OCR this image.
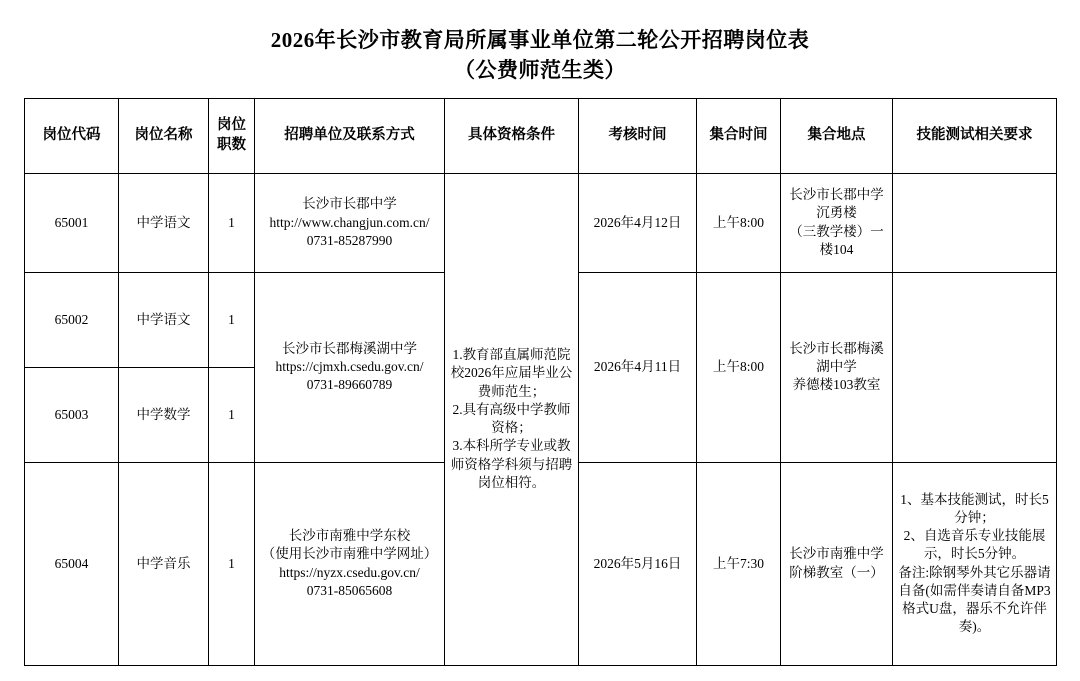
2026年长沙市教育局所属事业单位第二轮公开招聘岗位表
（公费师范生类）
岗位代码	岗位名称	岗位职数	招聘单位及联系方式	具体资格条件	考核时间	集合时间	集合地点	技能测试相关要求
65001	中学语文	1	长沙市长郡中学
http://www.changjun.com.cn/
0731-85287990	1.教育部直属师范院校2026年应届毕业公费师范生；
2.具有高级中学教师资格；
3.本科所学专业或教师资格学科须与招聘岗位相符。	2026年4月12日	上午8:00	长沙市长郡中学
沉勇楼
（三教学楼）一
楼104	

65002	中学语文	1	长沙市长郡梅溪湖中学
https://cjmxh.csedu.gov.cn/
0731-89660789		2026年4月11日	上午8:00	长沙市长郡梅溪
湖中学
养德楼103教室	

65003	中学数学	1						
65004	中学音乐	1	长沙市南雅中学东校
（使用长沙市南雅中学网址）
https://nyzx.csedu.gov.cn/
0731-85065608		2026年5月16日	上午7:30	长沙市南雅中学
阶梯教室（一）	1、基本技能测试，时长5分钟；
2、自选音乐专业技能展示，时长5分钟。
备注:除钢琴外其它乐器请自备(如需伴奏请自备MP3格式U盘，器乐不允许伴奏)。
